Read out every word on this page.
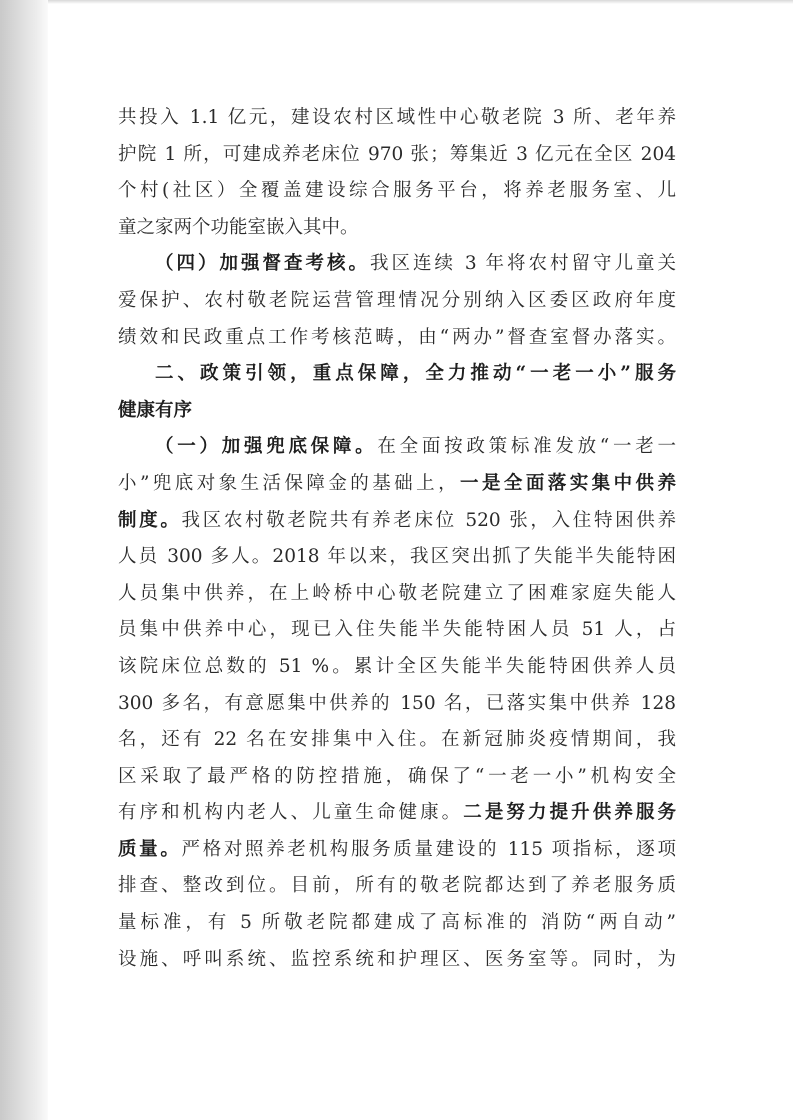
共投入 1.1 亿元，建设农村区域性中心敬老院 3 所、老年养
护院 1 所，可建成养老床位 970 张；筹集近 3 亿元在全区 204
个村(社区）全覆盖建设综合服务平台，将养老服务室、儿
童之家两个功能室嵌入其中。
（四）加强督查考核。我区连续 3 年将农村留守儿童关
爱保护、农村敬老院运营管理情况分别纳入区委区政府年度
绩效和民政重点工作考核范畴，由“两办”督查室督办落实。
二、政策引领，重点保障，全力推动“一老一小”服务
健康有序
（一）加强兜底保障。在全面按政策标准发放“一老一
小”兜底对象生活保障金的基础上，一是全面落实集中供养
制度。我区农村敬老院共有养老床位 520 张，入住特困供养
人员 300 多人。2018 年以来，我区突出抓了失能半失能特困
人员集中供养，在上岭桥中心敬老院建立了困难家庭失能人
员集中供养中心，现已入住失能半失能特困人员 51 人，占
该院床位总数的 51 %。累计全区失能半失能特困供养人员
300 多名，有意愿集中供养的 150 名，已落实集中供养 128
名，还有 22 名在安排集中入住。在新冠肺炎疫情期间，我
区采取了最严格的防控措施，确保了“一老一小”机构安全
有序和机构内老人、儿童生命健康。二是努力提升供养服务
质量。严格对照养老机构服务质量建设的 115 项指标，逐项
排查、整改到位。目前，所有的敬老院都达到了养老服务质
量标准，有 5 所敬老院都建成了高标准的 消防“两自动”
设施、呼叫系统、监控系统和护理区、医务室等。同时，为
